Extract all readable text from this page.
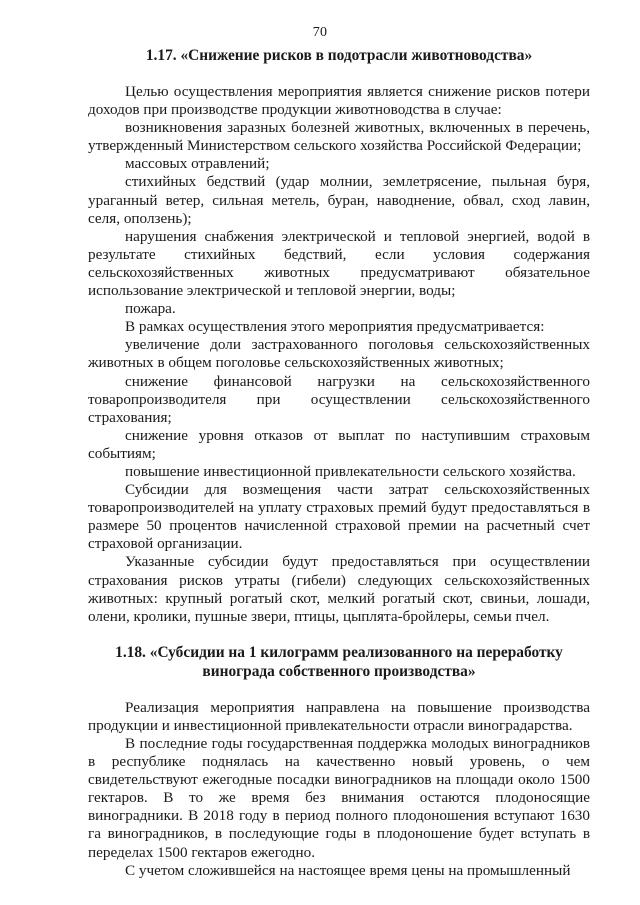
70

1.17. «Снижение рисков в подотрасли животноводства»

Целью осуществления мероприятия является снижение рисков потери доходов при производстве продукции животноводства в случае:

возникновения заразных болезней животных, включенных в перечень, утвержденный Министерством сельского хозяйства Российской Федерации;

массовых отравлений;

стихийных бедствий (удар молнии, землетрясение, пыльная буря, ураганный ветер, сильная метель, буран, наводнение, обвал, сход лавин, селя, оползень);

нарушения снабжения электрической и тепловой энергией, водой в результате стихийных бедствий, если условия содержания сельскохозяйственных животных предусматривают обязательное использование электрической и тепловой энергии, воды;

пожара.

В рамках осуществления этого мероприятия предусматривается:

увеличение доли застрахованного поголовья сельскохозяйственных животных в общем поголовье сельскохозяйственных животных;

снижение финансовой нагрузки на сельскохозяйственного товаропроизводителя при осуществлении сельскохозяйственного страхования;

снижение уровня отказов от выплат по наступившим страховым событиям;

повышение инвестиционной привлекательности сельского хозяйства.

Субсидии для возмещения части затрат сельскохозяйственных товаропроизводителей на уплату страховых премий будут предоставляться в размере 50 процентов начисленной страховой премии на расчетный счет страховой организации.

Указанные субсидии будут предоставляться при осуществлении страхования рисков утраты (гибели) следующих сельскохозяйственных животных: крупный рогатый скот, мелкий рогатый скот, свиньи, лошади, олени, кролики, пушные звери, птицы, цыплята-бройлеры, семьи пчел.

1.18. «Субсидии на 1 килограмм реализованного на переработку

винограда собственного производства»

Реализация мероприятия направлена на повышение производства продукции и инвестиционной привлекательности отрасли виноградарства.

В последние годы государственная поддержка молодых виноградников в республике поднялась на качественно новый уровень, о чем свидетельствуют ежегодные посадки виноградников на площади около 1500 гектаров. В то же время без внимания остаются плодоносящие виноградники. В 2018 году в период полного плодоношения вступают 1630 га виноградников, в последующие годы в плодоношение будет вступать в переделах 1500 гектаров ежегодно.

С учетом сложившейся на настоящее время цены на промышленный
